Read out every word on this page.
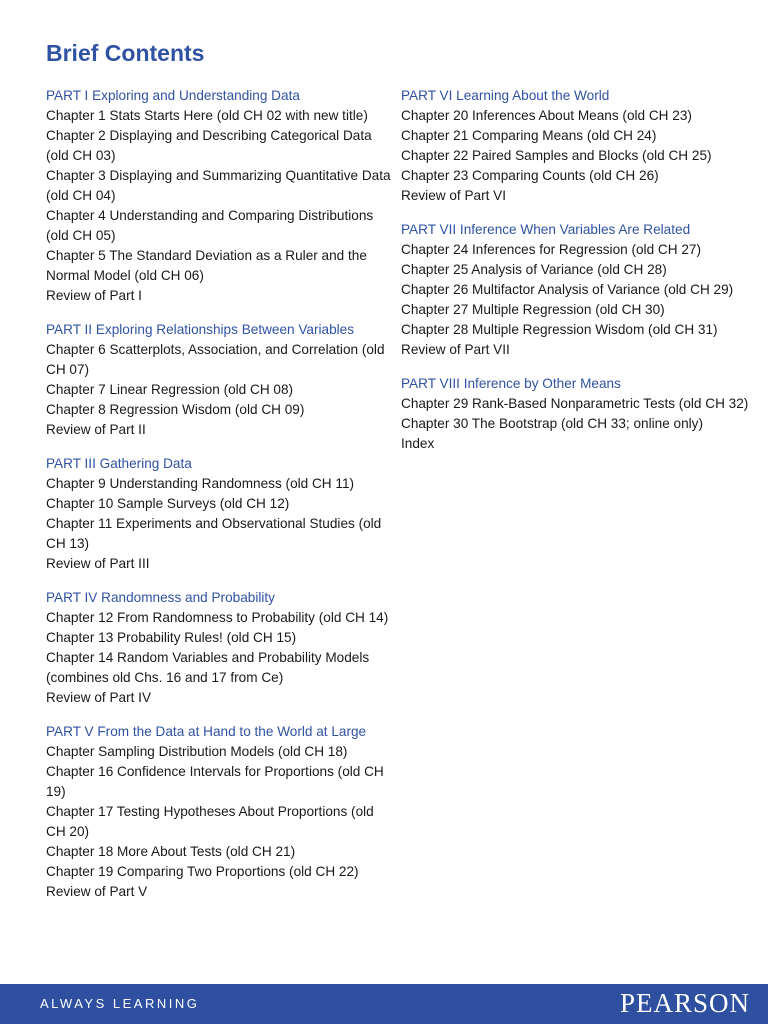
Brief Contents
PART I Exploring and Understanding Data
Chapter 1 Stats Starts Here (old CH 02 with new title)
Chapter 2 Displaying and Describing Categorical Data (old CH 03)
Chapter 3 Displaying and Summarizing Quantitative Data (old CH 04)
Chapter 4 Understanding and Comparing Distributions (old CH 05)
Chapter 5 The Standard Deviation as a Ruler and the Normal Model (old CH 06)
Review of Part I
PART II Exploring Relationships Between Variables
Chapter 6 Scatterplots, Association, and Correlation (old CH 07)
Chapter 7 Linear Regression (old CH 08)
Chapter 8 Regression Wisdom (old CH 09)
Review of Part II
PART III Gathering Data
Chapter 9 Understanding Randomness (old CH 11)
Chapter 10 Sample Surveys (old CH 12)
Chapter 11 Experiments and Observational Studies (old CH 13)
Review of Part III
PART IV Randomness and Probability
Chapter 12 From Randomness to Probability (old CH 14)
Chapter 13 Probability Rules! (old CH 15)
Chapter 14 Random Variables and Probability Models (combines old Chs. 16 and 17 from Ce)
Review of Part IV
PART V From the Data at Hand to the World at Large
Chapter Sampling Distribution Models (old CH 18)
Chapter 16 Confidence Intervals for Proportions (old CH 19)
Chapter 17 Testing Hypotheses About Proportions (old CH 20)
Chapter 18 More About Tests (old CH 21)
Chapter 19 Comparing Two Proportions (old CH 22)
Review of Part V
PART VI Learning About the World
Chapter 20 Inferences About Means (old CH 23)
Chapter 21 Comparing Means (old CH 24)
Chapter 22 Paired Samples and Blocks (old CH 25)
Chapter 23 Comparing Counts (old CH 26)
Review of Part VI
PART VII Inference When Variables Are Related
Chapter 24 Inferences for Regression (old CH 27)
Chapter 25 Analysis of Variance (old CH 28)
Chapter 26 Multifactor Analysis of Variance (old CH 29)
Chapter 27 Multiple Regression (old CH 30)
Chapter 28 Multiple Regression Wisdom (old CH 31)
Review of Part VII
PART VIII Inference by Other Means
Chapter 29 Rank-Based Nonparametric Tests (old CH 32)
Chapter 30 The Bootstrap (old CH 33; online only)
Index
ALWAYS LEARNING	PEARSON
